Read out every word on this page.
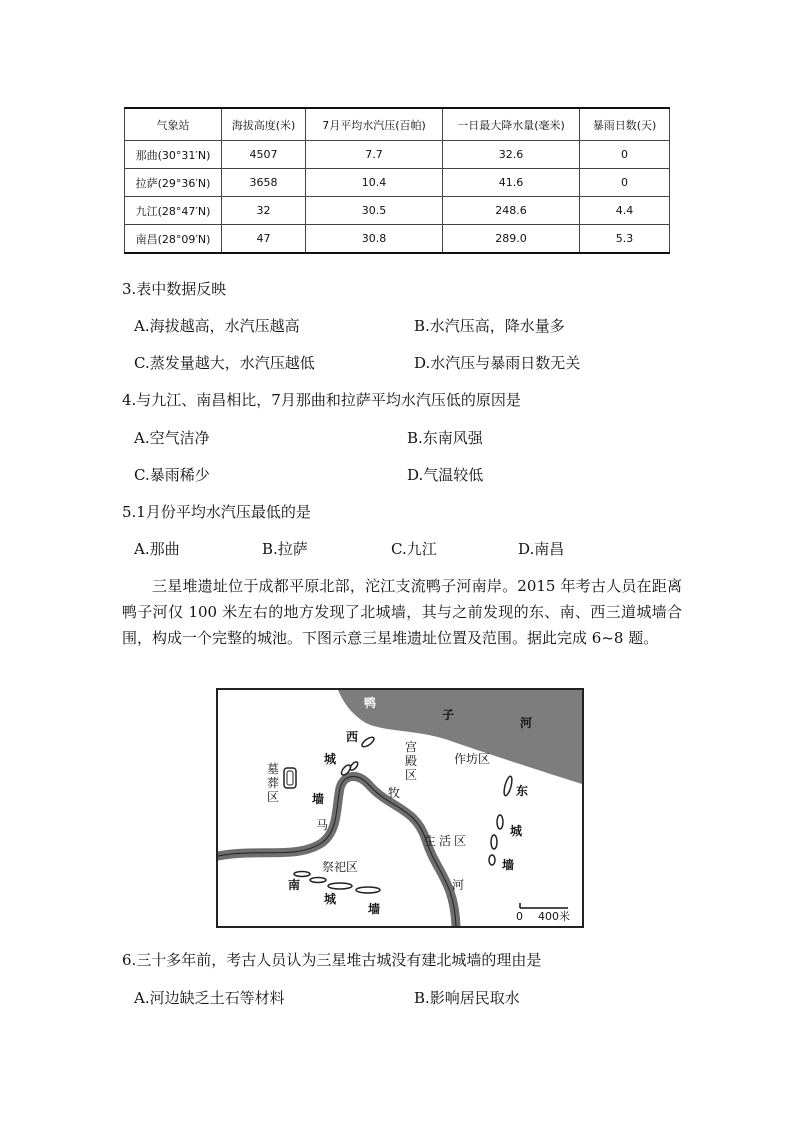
气象站	海拔高度(米)	7月平均水汽压(百帕)	一日最大降水量(毫米)	暴雨日数(天)
那曲(30°31′N)	4507	7.7	32.6	0
拉萨(29°36′N)	3658	10.4	41.6	0
九江(28°47′N)	32	30.5	248.6	4.4
南昌(28°09′N)	47	30.8	289.0	5.3
3.表中数据反映
A.海拔越高，水汽压越高	B.水汽压高，降水量多
C.蒸发量越大，水汽压越低	D.水汽压与暴雨日数无关
4.与九江、南昌相比，7月那曲和拉萨平均水汽压低的原因是
A.空气洁净	B.东南风强
C.暴雨稀少	D.气温较低
5.1月份平均水汽压最低的是
A.那曲	B.拉萨	C.九江	D.南昌
三星堆遗址位于成都平原北部，沱江支流鸭子河南岸。2015 年考古人员在距离鸭子河仅 100 米左右的地方发现了北城墙，其与之前发现的东、南、西三道城墙合围，构成一个完整的城池。下图示意三星堆遗址位置及范围。据此完成 6~8 题。
鸭
子
河
西
城
墙
墓葬区
宫殿区
作坊区
生活区
祭祀区
东
城
墙
牧
马
河
南
城
墙
0 400米
6.三十多年前，考古人员认为三星堆古城没有建北城墙的理由是
A.河边缺乏土石等材料	B.影响居民取水
